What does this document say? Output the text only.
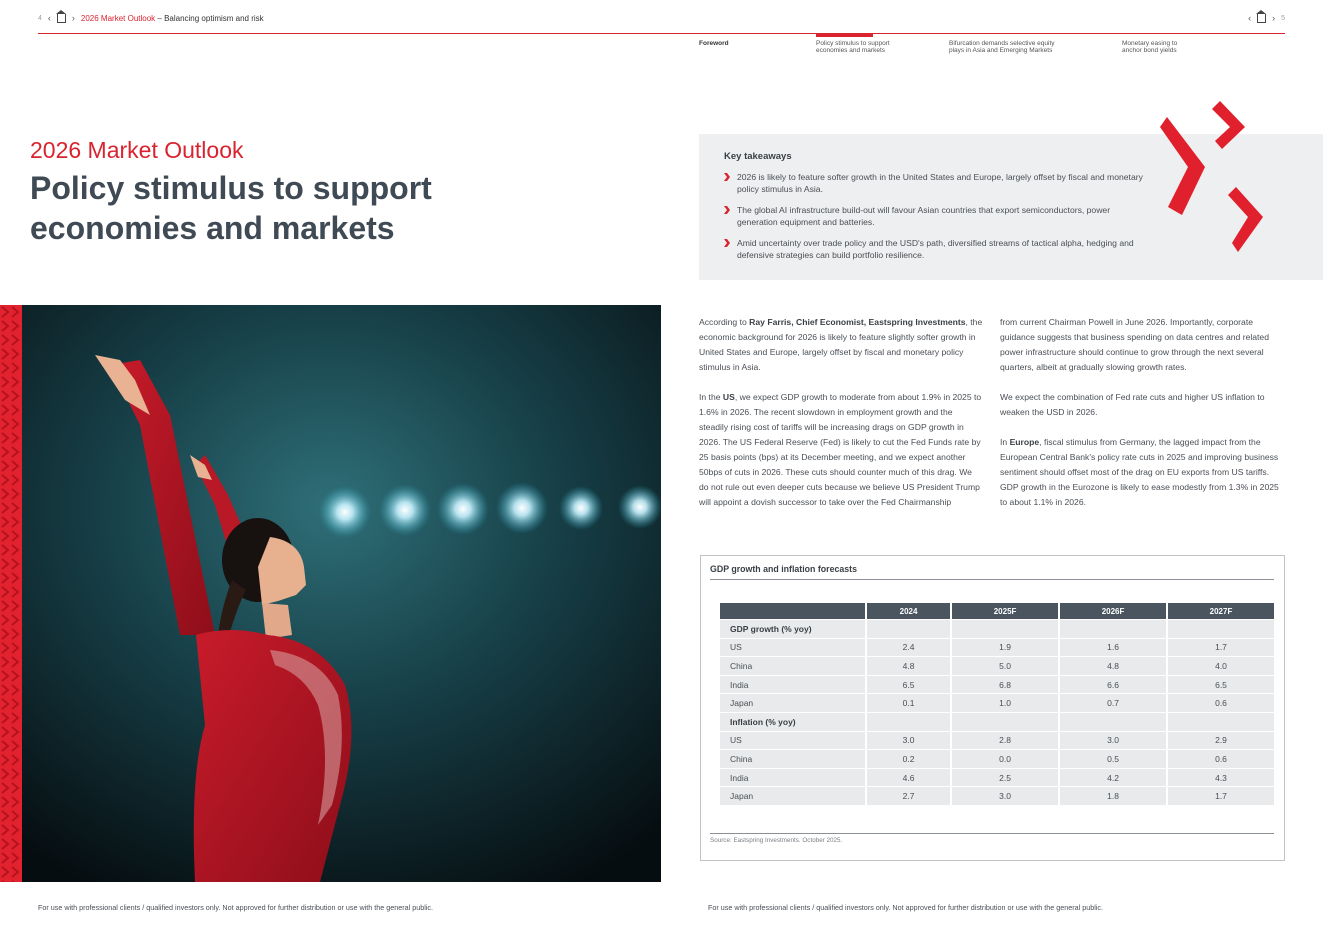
4 ‹ › 2026 Market Outlook – Balancing optimism and risk	‹ › 5
Foreword	Policy stimulus to support
economies and markets
Bifurcation demands selective equity
plays in Asia and Emerging Markets
Monetary easing to
anchor bond yields
2026 Market Outlook
Policy stimulus to support economies and markets
Key takeaways
2026 is likely to feature softer growth in the United States and Europe, largely offset by fiscal and monetary policy stimulus in Asia.
The global AI infrastructure build-out will favour Asian countries that export semiconductors, power generation equipment and batteries.
Amid uncertainty over trade policy and the USD's path, diversified streams of tactical alpha, hedging and defensive strategies can build portfolio resilience.

According to Ray Farris, Chief Economist, Eastspring Investments, the economic background for 2026 is likely to feature slightly softer growth in United States and Europe, largely offset by fiscal and monetary policy stimulus in Asia.

In the US, we expect GDP growth to moderate from about 1.9% in 2025 to 1.6% in 2026. The recent slowdown in employment growth and the steadily rising cost of tariffs will be increasing drags on GDP growth in 2026. The US Federal Reserve (Fed) is likely to cut the Fed Funds rate by 25 basis points (bps) at its December meeting, and we expect another 50bps of cuts in 2026. These cuts should counter much of this drag. We do not rule out even deeper cuts because we believe US President Trump will appoint a dovish successor to take over the Fed Chairmanship

from current Chairman Powell in June 2026. Importantly, corporate guidance suggests that business spending on data centres and related power infrastructure should continue to grow through the next several quarters, albeit at gradually slowing growth rates.

We expect the combination of Fed rate cuts and higher US inflation to weaken the USD in 2026.

In Europe, fiscal stimulus from Germany, the lagged impact from the European Central Bank's policy rate cuts in 2025 and improving business sentiment should offset most of the drag on EU exports from US tariffs. GDP growth in the Eurozone is likely to ease modestly from 1.3% in 2025 to about 1.1% in 2026.

GDP growth and inflation forecasts
	2024	2025F	2026F	2027F
GDP growth (% yoy)				
US	2.4	1.9	1.6	1.7
China	4.8	5.0	4.8	4.0
India	6.5	6.8	6.6	6.5
Japan	0.1	1.0	0.7	0.6
Inflation (% yoy)				
US	3.0	2.8	3.0	2.9
China	0.2	0.0	0.5	0.6
India	4.6	2.5	4.2	4.3
Japan	2.7	3.0	1.8	1.7
Source: Eastspring Investments. October 2025.
For use with professional clients / qualified investors only. Not approved for further distribution or use with the general public.	For use with professional clients / qualified investors only. Not approved for further distribution or use with the general public.
